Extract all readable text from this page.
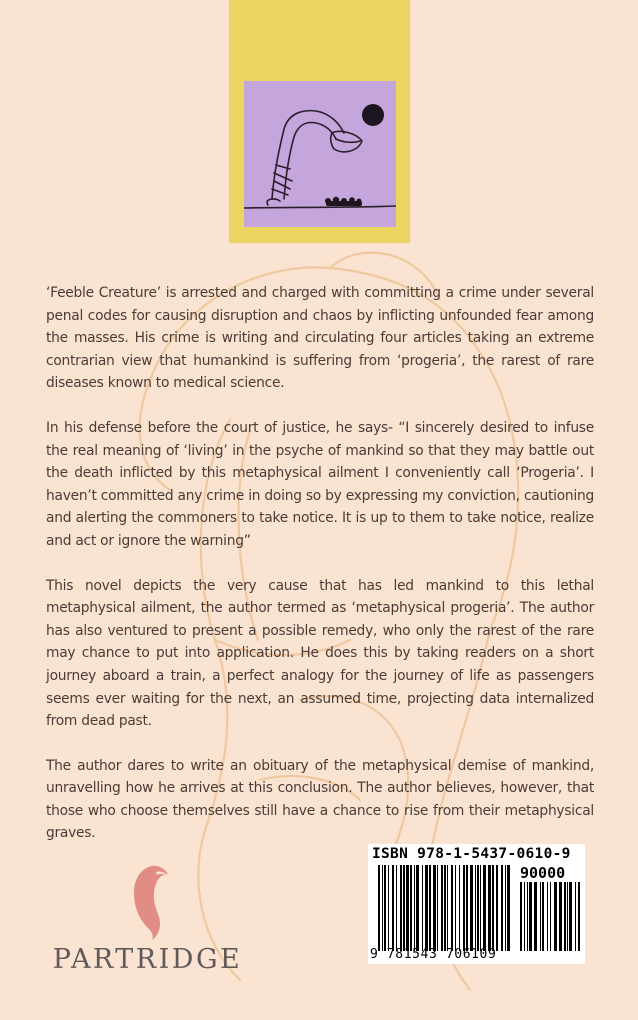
‘Feeble Creature’ is arrested and charged with committing a crime under several penal codes for causing disruption and chaos by inflicting unfounded fear among the masses. His crime is writing and circulating four articles taking an extreme contrarian view that humankind is suffering from ‘progeria’, the rarest of rare diseases known to medical science.

In his defense before the court of justice, he says- “I sincerely desired to infuse the real meaning of ‘living’ in the psyche of mankind so that they may battle out the death inflicted by this metaphysical ailment I conveniently call ‘Progeria’. I haven’t committed any crime in doing so by expressing my conviction, cautioning and alerting the commoners to take notice. It is up to them to take notice, realize and act or ignore the warning”

This novel depicts the very cause that has led mankind to this lethal metaphysical ailment, the author termed as ‘metaphysical progeria’. The author has also ventured to present a possible remedy, who only the rarest of the rare may chance to put into application. He does this by taking readers on a short journey aboard a train, a perfect analogy for the journey of life as passengers seems ever waiting for the next, an assumed time, projecting data internalized from dead past.

The author dares to write an obituary of the metaphysical demise of mankind, unravelling how he arrives at this conclusion. The author believes, however, that those who choose themselves still have a chance to rise from their metaphysical graves.

PARTRIDGE
ISBN 978-1-5437-0610-9
90000
9 781543 706109
